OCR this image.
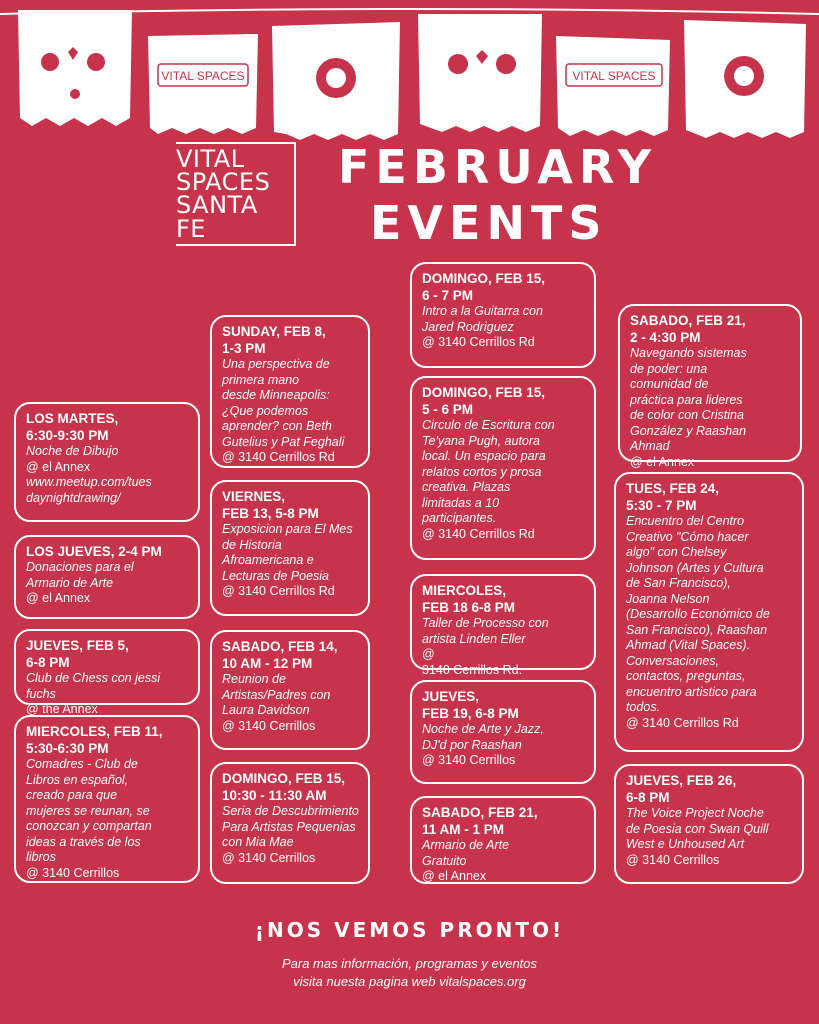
VITAL SPACES	VITAL SPACES
VITAL
SPACES
SANTA
FE
FEBRUARY
EVENTS
LOS MARTES,
6:30-9:30 PM
Noche de Dibujo
@ el Annex
www.meetup.com/tues
daynightdrawing/
LOS JUEVES, 2-4 PM
Donaciones para el
Armario de Arte
@ el Annex
JUEVES, FEB 5,
6-8 PM
Club de Chess con jessi
fuchs
@ the Annex
MIERCOLES, FEB 11,
5:30-6:30 PM
Comadres - Club de
Libros en español,
creado para que
mujeres se reunan, se
conozcan y compartan
ideas a través de los
libros
@ 3140 Cerrillos
SUNDAY, FEB 8,
1-3 PM
Una perspectiva de
primera mano
desde Minneapolis:
¿Que podemos
aprender? con Beth
Gutelius y Pat Feghali
@ 3140 Cerrillos Rd
VIERNES,
FEB 13, 5-8 PM
Exposicion para El Mes
de Historia
Afroamericana e
Lecturas de Poesia
@ 3140 Cerrillos Rd
SABADO, FEB 14,
10 AM - 12 PM
Reunion de
Artistas/Padres con
Laura Davidson
@ 3140 Cerrillos
DOMINGO, FEB 15,
10:30 - 11:30 AM
Seria de Descubrimiento
Para Artistas Pequenias
con Mia Mae
@ 3140 Cerrillos
DOMINGO, FEB 15,
6 - 7 PM
Intro a la Guitarra con
Jared Rodriguez
@ 3140 Cerrillos Rd
DOMINGO, FEB 15,
5 - 6 PM
Circulo de Escritura con
Te'yana Pugh, autora
local. Un espacio para
relatos cortos y prosa
creativa. Plazas
limitadas a 10
participantes.
@ 3140 Cerrillos Rd
MIERCOLES,
FEB 18 6-8 PM
Taller de Processo con
artista Linden Eller
@
3140 Cerrillos Rd.
JUEVES,
FEB 19, 6-8 PM
Noche de Arte y Jazz,
DJ'd por Raashan
@ 3140 Cerrillos
SABADO, FEB 21,
11 AM - 1 PM
Armario de Arte
Gratuito
@ el Annex
SABADO, FEB 21,
2 - 4:30 PM
Navegando sistemas
de poder: una
comunidad de
práctica para lideres
de color con Cristina
González y Raashan
Ahmad
@ el Annex
TUES, FEB 24,
5:30 - 7 PM
Encuentro del Centro
Creativo "Cómo hacer
algo" con Chelsey
Johnson (Artes y Cultura
de San Francisco),
Joanna Nelson
(Desarrollo Económico de
San Francisco), Raashan
Ahmad (Vital Spaces).
Conversaciones,
contactos, preguntas,
encuentro artistico para
todos.
@ 3140 Cerrillos Rd
JUEVES, FEB 26,
6-8 PM
The Voice Project Noche
de Poesia con Swan Quill
West e Unhoused Art
@ 3140 Cerrillos
¡NOS VEMOS PRONTO!
Para mas información, programas y eventos
visita nuesta pagina web vitalspaces.org
